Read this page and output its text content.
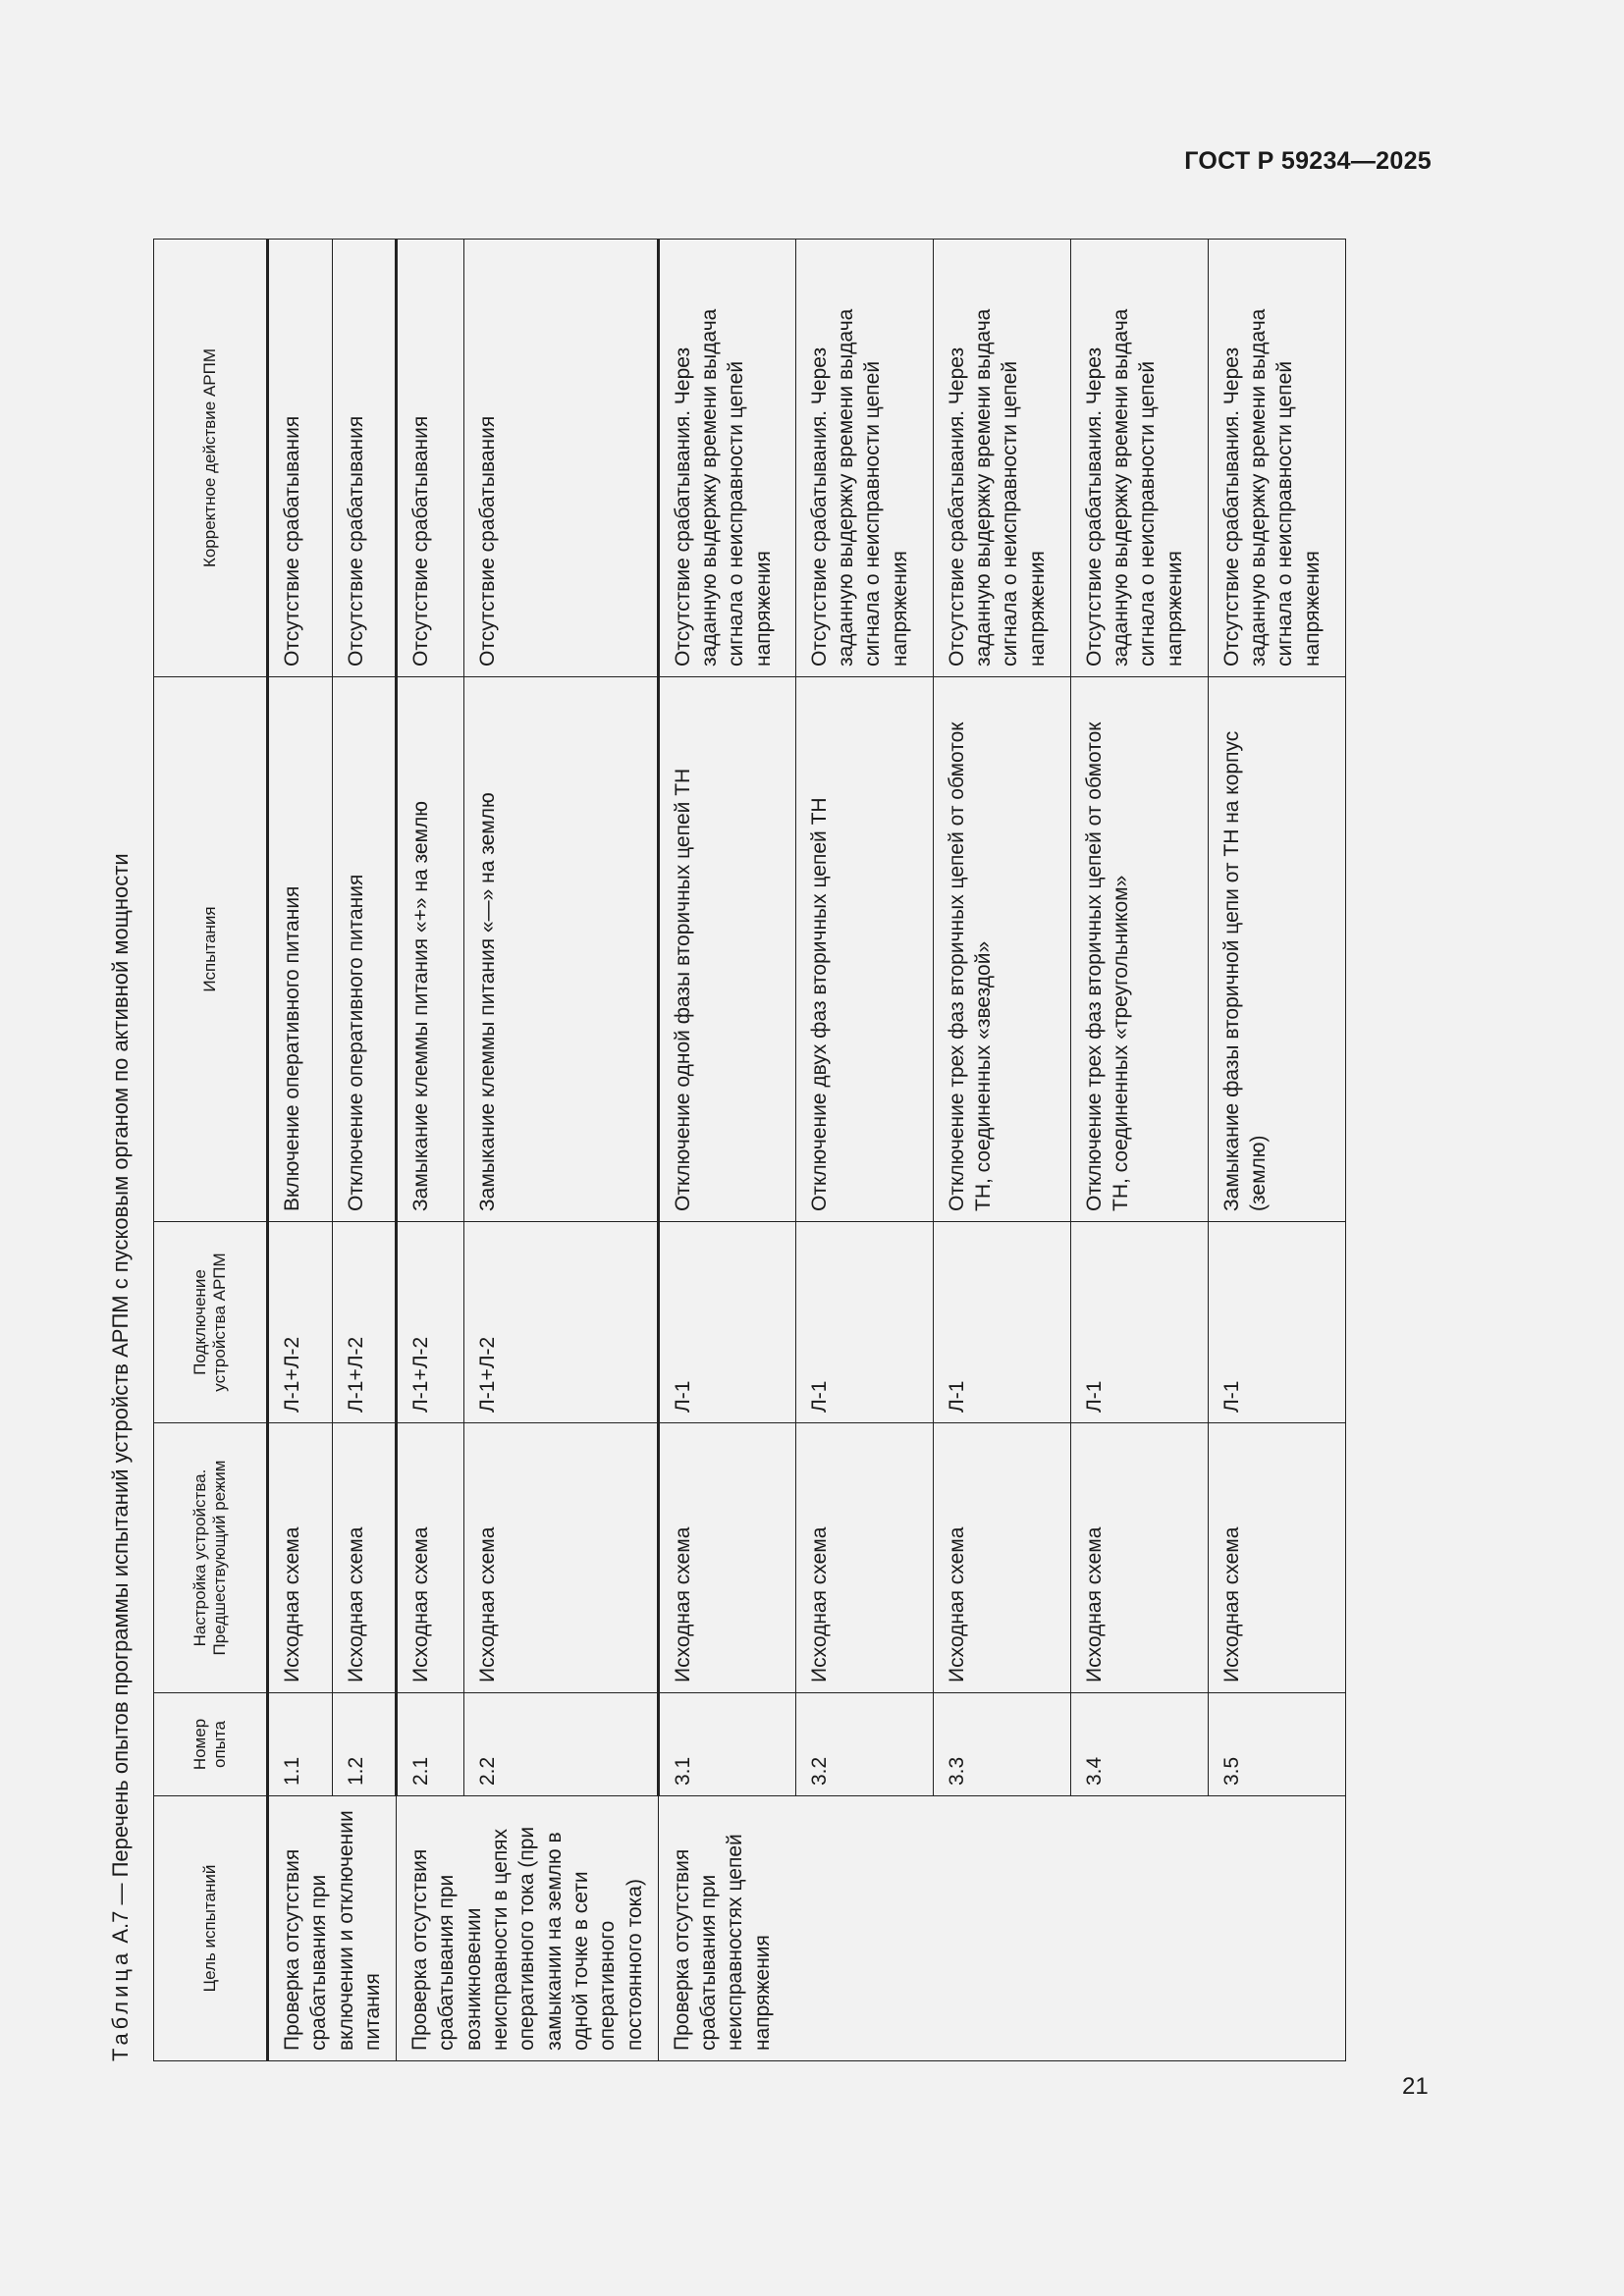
ГОСТ Р 59234—2025
Таблица А.7 — Перечень опытов программы испытаний устройств АРПМ с пусковым органом по активной мощности	Цель испытаний	Номер опыта	Настройка устройства. Предшествующий режим	Подключение устройства АРПМ	Испытания	Корректное действие АРПМ
Проверка отсутствия срабатывания при включении и отключении питания	1.1	Исходная схема	Л-1+Л-2	Включение оперативного питания	Отсутствие срабатывания
	1.2	Исходная схема	Л-1+Л-2	Отключение оперативного питания	Отсутствие срабатывания
Проверка отсутствия срабатывания при возникновении неисправности в цепях оперативного тока (при замыкании на землю в одной точке в сети оперативного постоянного тока)	2.1	Исходная схема	Л-1+Л-2	Замыкание клеммы питания «+» на землю	Отсутствие срабатывания
	2.2	Исходная схема	Л-1+Л-2	Замыкание клеммы питания «—» на землю	Отсутствие срабатывания
Проверка отсутствия срабатывания при неисправностях цепей напряжения	3.1	Исходная схема	Л-1	Отключение одной фазы вторичных цепей ТН	Отсутствие срабатывания. Через заданную выдержку времени выдача сигнала о неисправности цепей напряжения
	3.2	Исходная схема	Л-1	Отключение двух фаз вторичных цепей ТН	Отсутствие срабатывания. Через заданную выдержку времени выдача сигнала о неисправности цепей напряжения
	3.3	Исходная схема	Л-1	Отключение трех фаз вторичных цепей от обмоток ТН, соединенных «звездой»	Отсутствие срабатывания. Через заданную выдержку времени выдача сигнала о неисправности цепей напряжения
	3.4	Исходная схема	Л-1	Отключение трех фаз вторичных цепей от обмоток ТН, соединенных «треугольником»	Отсутствие срабатывания. Через заданную выдержку времени выдача сигнала о неисправности цепей напряжения
	3.5	Исходная схема	Л-1	Замыкание фазы вторичной цепи от ТН на корпус (землю)	Отсутствие срабатывания. Через заданную выдержку времени выдача сигнала о неисправности цепей напряжения
21
